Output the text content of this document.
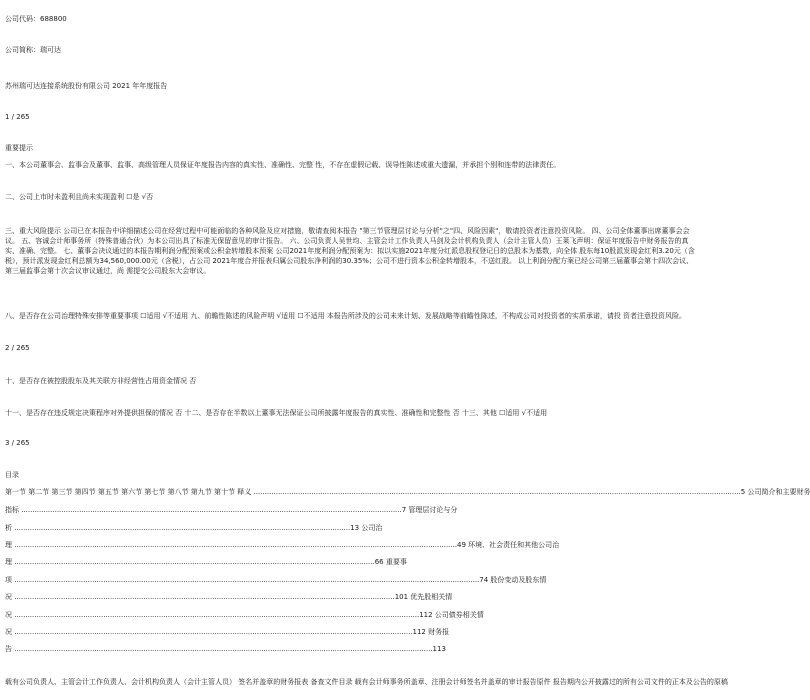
公司代码：688800
公司简称：瑞可达
苏州瑞可达连接系统股份有限公司 2021 年年度报告
1 / 265
重要提示
一、本公司董事会、监事会及董事、监事、高级管理人员保证年度报告内容的真实性、准确性、完整 性，不存在虚假记载、误导性陈述或重大遗漏，并承担个别和连带的法律责任。
二、公司上市时未盈利且尚未实现盈利 ☐是 √否
三、重大风险提示 公司已在本报告中详细描述公司在经营过程中可能面临的各种风险及应对措施，敬请查阅本报告 "第三节管理层讨论与分析"之"四、风险因素"，敬请投资者注意投资风险。 四、公司全体董事出席董事会会议。 五、容诚会计师事务所（特殊普通合伙）为本公司出具了标准无保留意见的审计报告。 六、公司负责人吴世均、主管会计工作负责人马剑及会计机构负责人（会计主管人员）王莱飞声明：保证年度报告中财务报告的真实、准确、完整。 七、董事会决议通过的本报告期利润分配预案或公积金转增股本预案 公司2021年度利润分配预案为：拟以实施2021年度分红派息股权登记日的总股本为基数，向全体 股东每10股派发现金红利3.20元（含税），预计派发现金红利总额为34,560,000.00元（含税），占公司 2021年度合并报表归属公司股东净利润的30.35%；公司不进行资本公积金转增股本，不送红股。 以上利润分配方案已经公司第三届董事会第十四次会议、第三届监事会第十次会议审议通过，尚 需提交公司股东大会审议。
八、是否存在公司治理特殊安排等重要事项 ☐适用 √不适用 九、前瞻性陈述的风险声明 √适用 ☐不适用 本报告所涉及的公司未来计划、发展战略等前瞻性陈述，不构成公司对投资者的实质承诺，请投 资者注意投资风险。
2 / 265
十、是否存在被控股股东及其关联方非经营性占用资金情况 否
十一、是否存在违反规定决策程序对外提供担保的情况 否 十二、是否存在半数以上董事无法保证公司所披露年度报告的真实性、准确性和完整性 否 十三、其他 ☐适用 √不适用
3 / 265
目录
第一节 第二节 第三节 第四节 第五节 第六节 第七节 第八节 第九节 第十节 释义 ...........................................................................................................................................................................................................................5 公司简介和主要财务
指标 ...........................................................................................................................................................................7 管理层讨论与分
析 .......................................................................................................................................................13 公司治
理 .......................................................................................................................................................................................................49 环境、社会责任和其他公司治
理 ..................................................................................................................................................................66 重要事
项 .................................................................................................................................................................................................................74 股份变动及股东情
况 ...........................................................................................................................................................................101 优先股相关情
况 ......................................................................................................................................................................................112 公司债券相关情
况 ...................................................................................................................................................................................112 财务报
告 ............................................................................................................................................................................................113
载有公司负责人、主管会计工作负责人、会计机构负责人（会计主管人员） 签名并盖章的财务报表 备查文件目录 载有会计师事务所盖章、注册会计师签名并盖章的审计报告原件 报告期内公开披露过的所有公司文件的正本及公告的原稿
